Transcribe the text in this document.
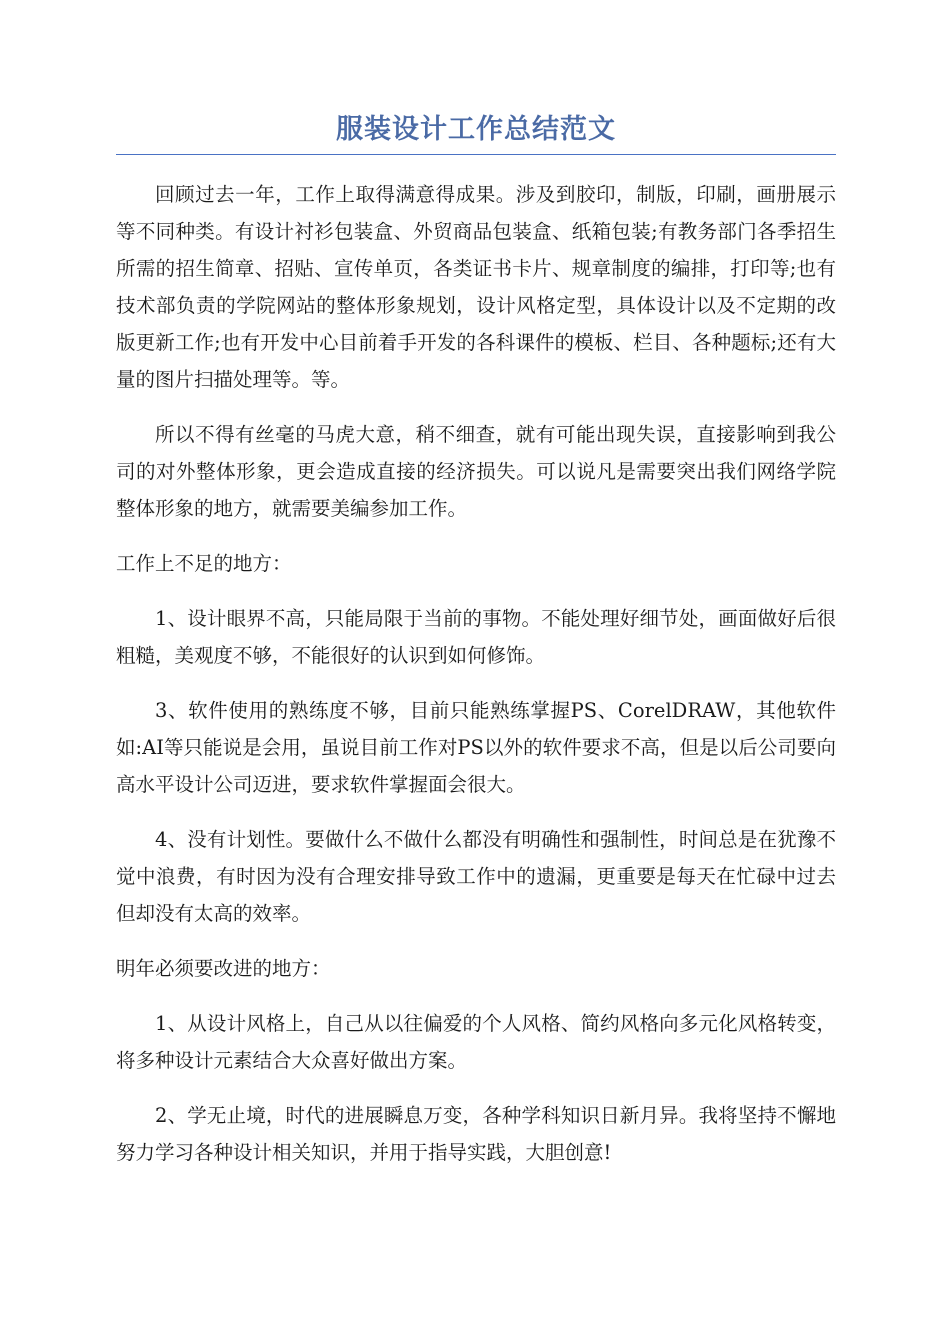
服装设计工作总结范文

回顾过去一年，工作上取得满意得成果。涉及到胶印，制版，印刷，画册展示等不同种类。有设计衬衫包装盒、外贸商品包装盒、纸箱包装;有教务部门各季招生所需的招生简章、招贴、宣传单页，各类证书卡片、规章制度的编排，打印等;也有技术部负责的学院网站的整体形象规划，设计风格定型，具体设计以及不定期的改版更新工作;也有开发中心目前着手开发的各科课件的模板、栏目、各种题标;还有大量的图片扫描处理等。等。

所以不得有丝毫的马虎大意，稍不细查，就有可能出现失误，直接影响到我公司的对外整体形象，更会造成直接的经济损失。可以说凡是需要突出我们网络学院整体形象的地方，就需要美编参加工作。

工作上不足的地方：

1、设计眼界不高，只能局限于当前的事物。不能处理好细节处，画面做好后很粗糙，美观度不够，不能很好的认识到如何修饰。

3、软件使用的熟练度不够，目前只能熟练掌握PS、CorelDRAW，其他软件如:AI等只能说是会用，虽说目前工作对PS以外的软件要求不高，但是以后公司要向高水平设计公司迈进，要求软件掌握面会很大。

4、没有计划性。要做什么不做什么都没有明确性和强制性，时间总是在犹豫不觉中浪费，有时因为没有合理安排导致工作中的遗漏，更重要是每天在忙碌中过去但却没有太高的效率。

明年必须要改进的地方：

1、从设计风格上，自己从以往偏爱的个人风格、简约风格向多元化风格转变，将多种设计元素结合大众喜好做出方案。

2、学无止境，时代的进展瞬息万变，各种学科知识日新月异。我将坚持不懈地努力学习各种设计相关知识，并用于指导实践，大胆创意!
